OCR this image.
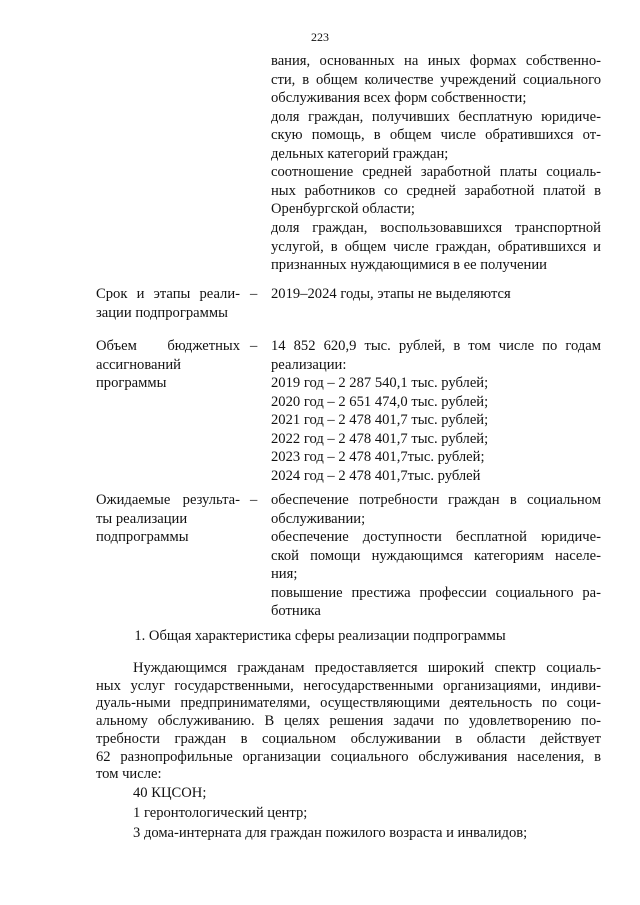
223
вания, основанных на иных формах собственно-
сти, в общем количестве учреждений социального
обслуживания всех форм собственности;
доля граждан, получивших бесплатную юридиче-
скую помощь, в общем числе обратившихся от-
дельных категорий граждан;
соотношение средней заработной платы социаль-
ных работников со средней заработной платой в
Оренбургской области;
доля граждан, воспользовавшихся транспортной
услугой, в общем числе граждан, обратившихся и
признанных нуждающимися в ее получении
Срок и этапы реали-
зации подпрограммы
– 2019–2024 годы, этапы не выделяются
Объем бюджетных
ассигнований
программы
– 14 852 620,9 тыс. рублей, в том числе по годам
реализации:
2019 год – 2 287 540,1 тыс. рублей;
2020 год – 2 651 474,0 тыс. рублей;
2021 год – 2 478 401,7 тыс. рублей;
2022 год – 2 478 401,7 тыс. рублей;
2023 год – 2 478 401,7тыс. рублей;
2024 год – 2 478 401,7тыс. рублей
Ожидаемые результа-
ты реализации
подпрограммы
– обеспечение потребности граждан в социальном
обслуживании;
обеспечение доступности бесплатной юридиче-
ской помощи нуждающимся категориям населе-
ния;
повышение престижа профессии социального ра-
ботника
1. Общая характеристика сферы реализации подпрограммы
Нуждающимся гражданам предоставляется широкий спектр социаль-
ных услуг государственными, негосударственными организациями, индиви-
дуаль-ными предпринимателями, осуществляющими деятельность по соци-
альному обслуживанию. В целях решения задачи по удовлетворению по-
требности граждан в социальном обслуживании в области действует
62 разнопрофильные организации социального обслуживания населения, в
том числе:
40 КЦСОН;
1 геронтологический центр;
3 дома-интерната для граждан пожилого возраста и инвалидов;
